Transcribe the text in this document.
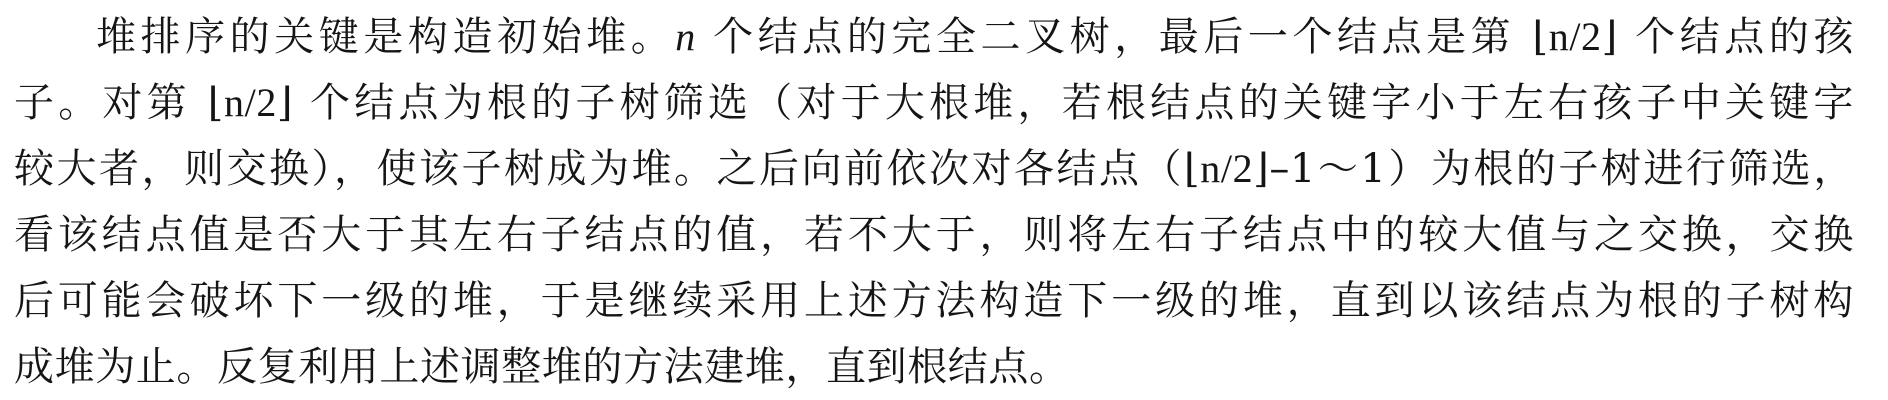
堆排序的关键是构造初始堆。n 个结点的完全二叉树，最后一个结点是第 ⌊n/2⌋ 个结点的孩
子。对第 ⌊n/2⌋ 个结点为根的子树筛选（对于大根堆，若根结点的关键字小于左右孩子中关键字
较大者，则交换），使该子树成为堆。之后向前依次对各结点（⌊n/2⌋–1～1）为根的子树进行筛选，
看该结点值是否大于其左右子结点的值，若不大于，则将左右子结点中的较大值与之交换，交换
后可能会破坏下一级的堆，于是继续采用上述方法构造下一级的堆，直到以该结点为根的子树构
成堆为止。反复利用上述调整堆的方法建堆，直到根结点。
